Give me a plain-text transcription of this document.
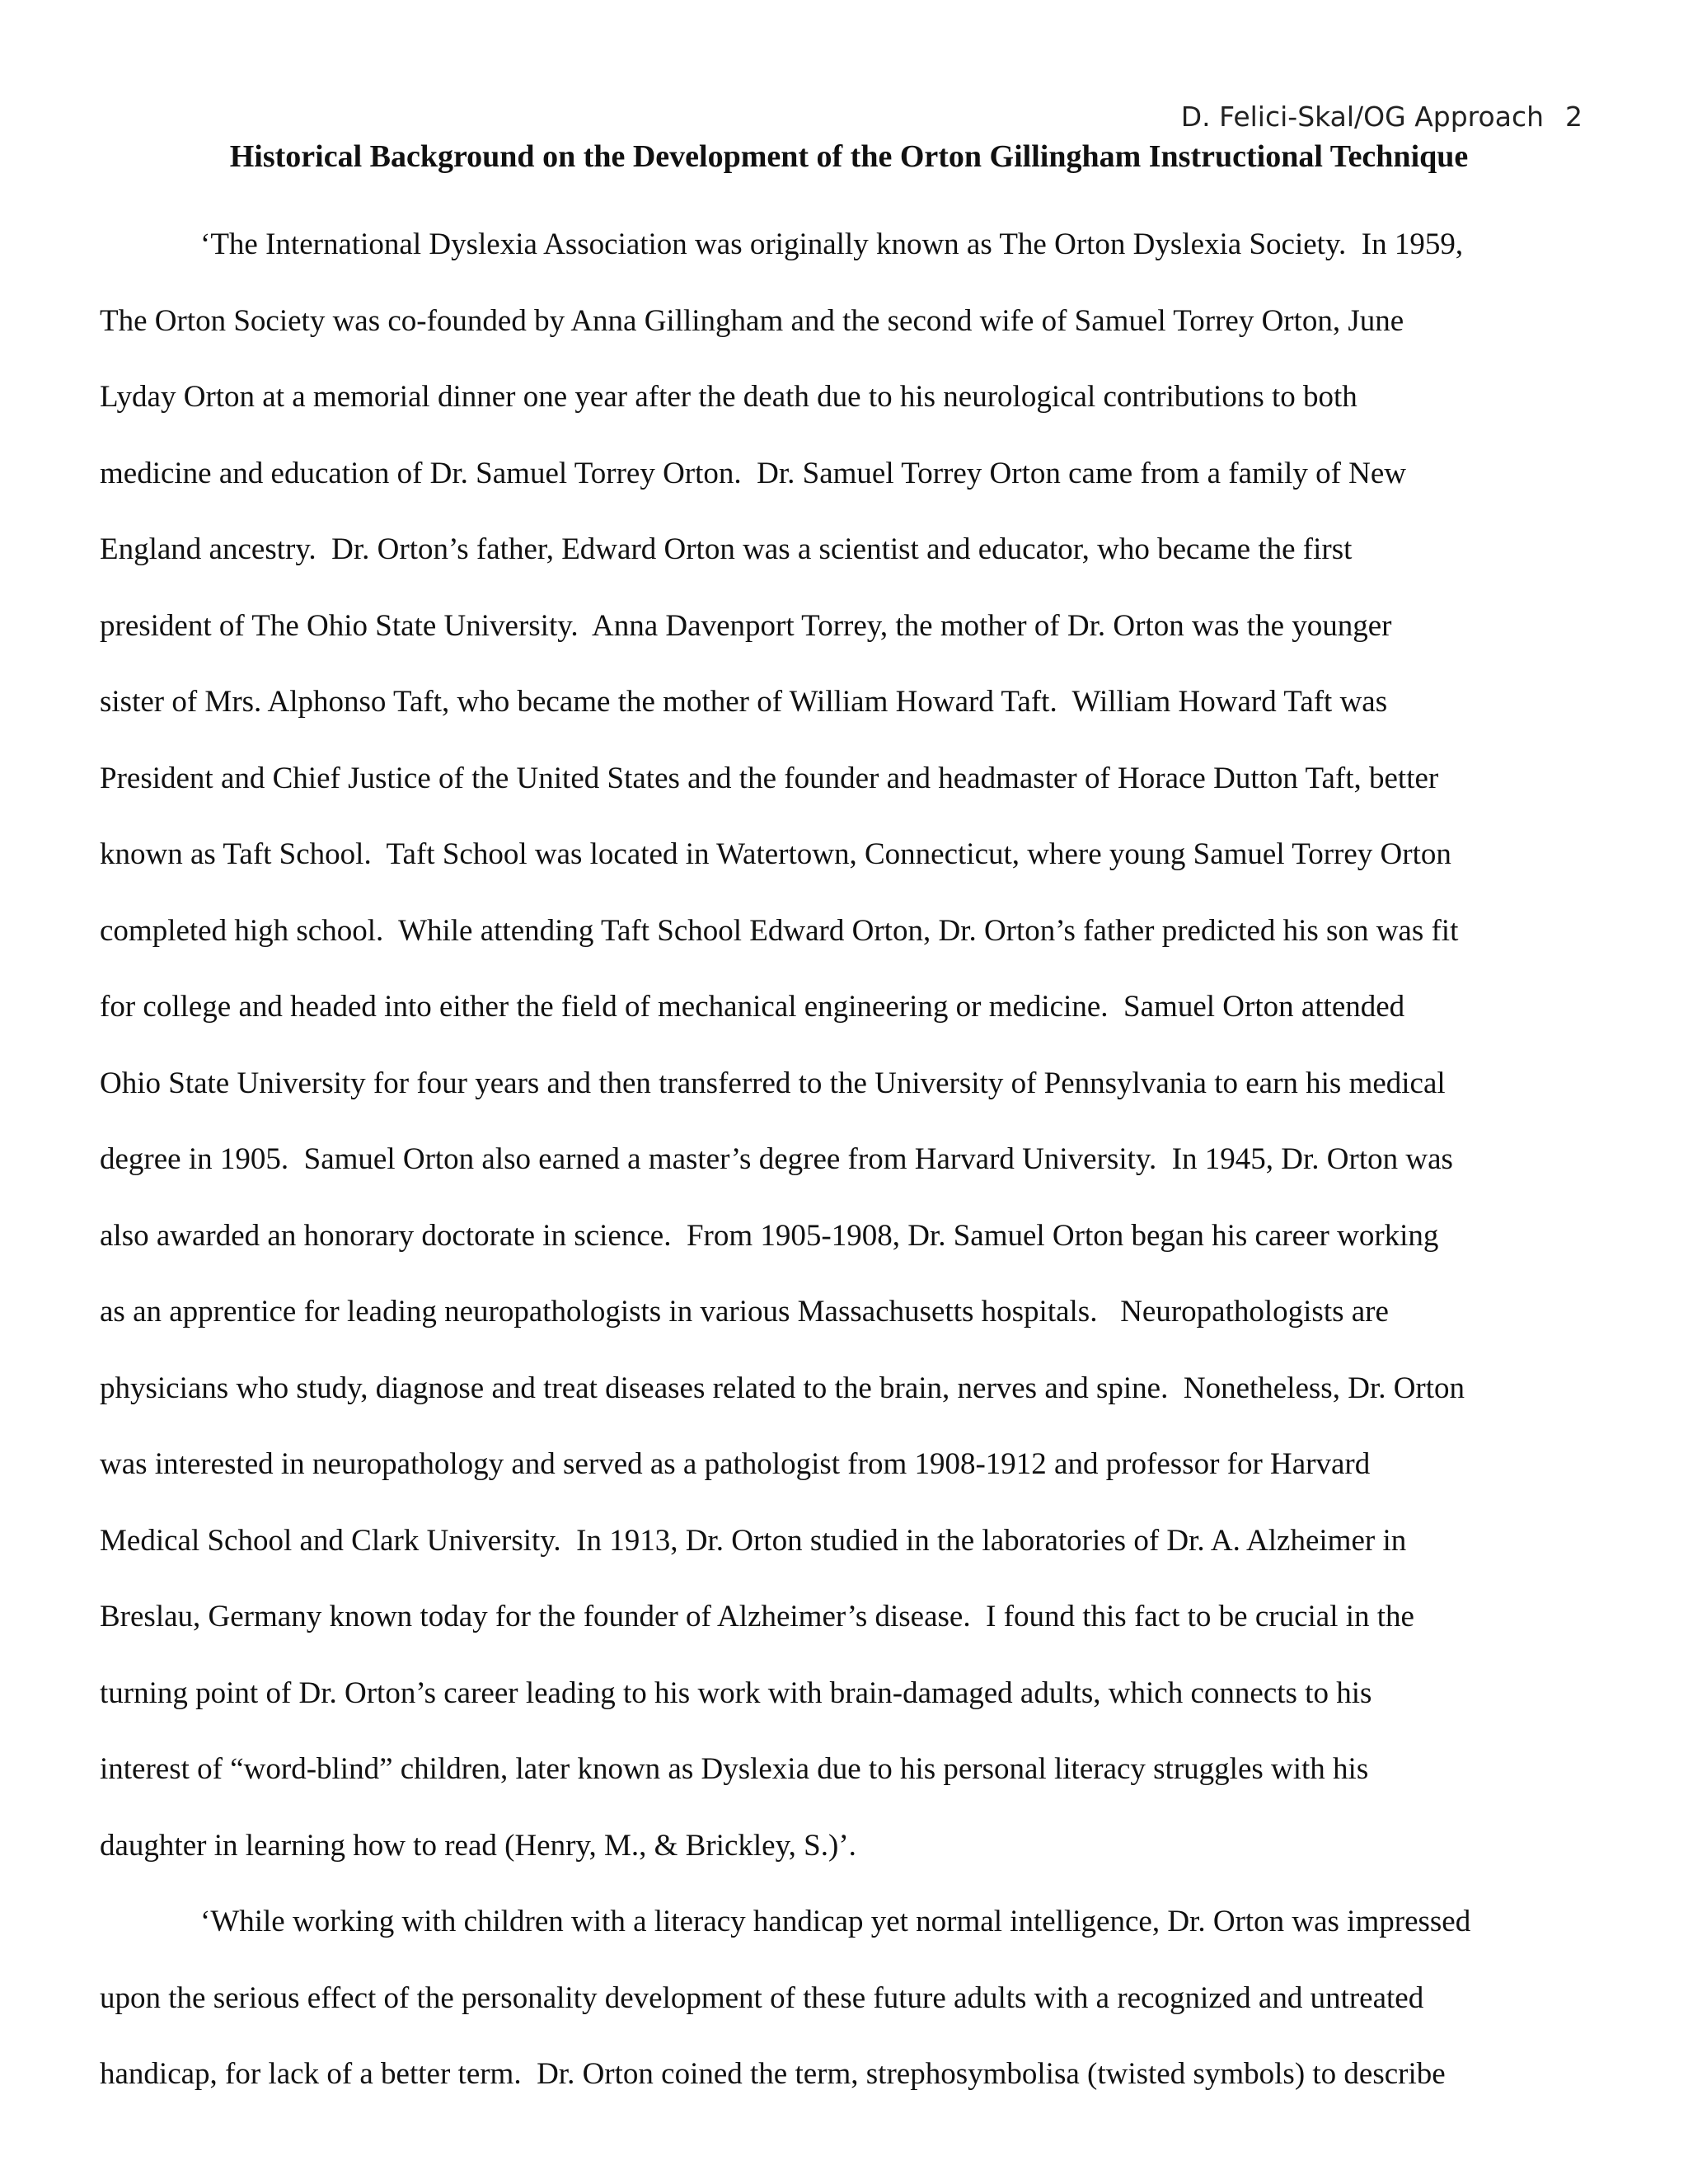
D. Felici-Skal/OG Approach 2
Historical Background on the Development of the Orton Gillingham Instructional Technique

‘The International Dyslexia Association was originally known as The Orton Dyslexia Society.  In 1959,
The Orton Society was co-founded by Anna Gillingham and the second wife of Samuel Torrey Orton, June
Lyday Orton at a memorial dinner one year after the death due to his neurological contributions to both
medicine and education of Dr. Samuel Torrey Orton.  Dr. Samuel Torrey Orton came from a family of New
England ancestry.  Dr. Orton’s father, Edward Orton was a scientist and educator, who became the first
president of The Ohio State University.  Anna Davenport Torrey, the mother of Dr. Orton was the younger
sister of Mrs. Alphonso Taft, who became the mother of William Howard Taft.  William Howard Taft was
President and Chief Justice of the United States and the founder and headmaster of Horace Dutton Taft, better
known as Taft School.  Taft School was located in Watertown, Connecticut, where young Samuel Torrey Orton
completed high school.  While attending Taft School Edward Orton, Dr. Orton’s father predicted his son was fit
for college and headed into either the field of mechanical engineering or medicine.  Samuel Orton attended
Ohio State University for four years and then transferred to the University of Pennsylvania to earn his medical
degree in 1905.  Samuel Orton also earned a master’s degree from Harvard University.  In 1945, Dr. Orton was
also awarded an honorary doctorate in science.  From 1905-1908, Dr. Samuel Orton began his career working
as an apprentice for leading neuropathologists in various Massachusetts hospitals.   Neuropathologists are
physicians who study, diagnose and treat diseases related to the brain, nerves and spine.  Nonetheless, Dr. Orton
was interested in neuropathology and served as a pathologist from 1908-1912 and professor for Harvard
Medical School and Clark University.  In 1913, Dr. Orton studied in the laboratories of Dr. A. Alzheimer in
Breslau, Germany known today for the founder of Alzheimer’s disease.  I found this fact to be crucial in the
turning point of Dr. Orton’s career leading to his work with brain-damaged adults, which connects to his
interest of “word-blind” children, later known as Dyslexia due to his personal literacy struggles with his
daughter in learning how to read (Henry, M., & Brickley, S.)’.

‘While working with children with a literacy handicap yet normal intelligence, Dr. Orton was impressed
upon the serious effect of the personality development of these future adults with a recognized and untreated
handicap, for lack of a better term.  Dr. Orton coined the term, strephosymbolisa (twisted symbols) to describe
